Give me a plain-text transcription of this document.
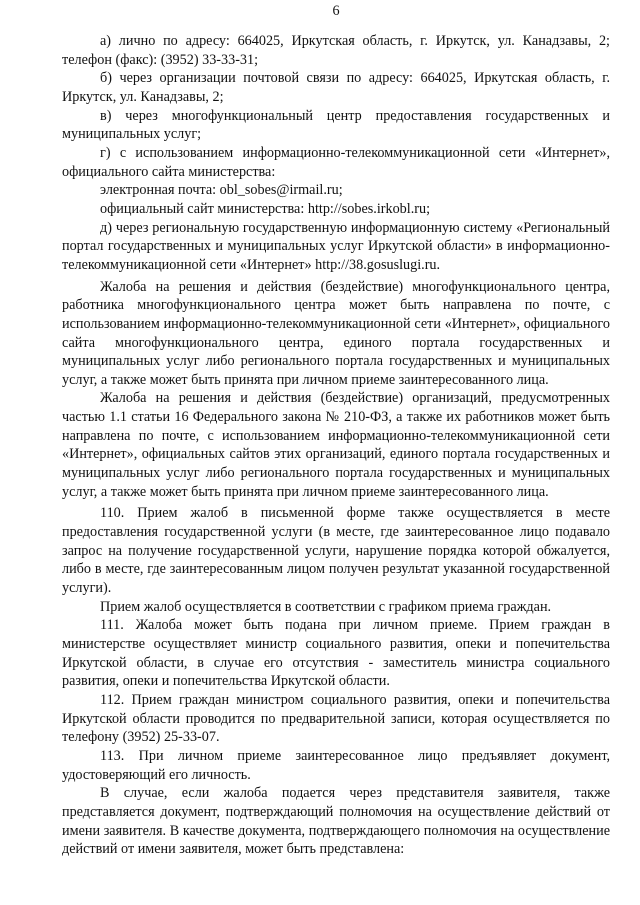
6

а) лично по адресу: 664025, Иркутская область, г. Иркутск, ул. Канадзавы, 2; телефон (факс): (3952) 33-33-31;

б) через организации почтовой связи по адресу: 664025, Иркутская область, г. Иркутск, ул. Канадзавы, 2;

в) через многофункциональный центр предоставления государственных и муниципальных услуг;

г) с использованием информационно-телекоммуникационной сети «Интернет», официального сайта министерства:

электронная почта: obl_sobes@irmail.ru;

официальный сайт министерства: http://sobes.irkobl.ru;

д) через региональную государственную информационную систему «Региональный портал государственных и муниципальных услуг Иркутской области» в информационно-телекоммуникационной сети «Интернет» http://38.gosuslugi.ru.

Жалоба на решения и действия (бездействие) многофункционального центра, работника многофункционального центра может быть направлена по почте, с использованием информационно-телекоммуникационной сети «Интернет», официального сайта многофункционального центра, единого портала государственных и муниципальных услуг либо регионального портала государственных и муниципальных услуг, а также может быть принята при личном приеме заинтересованного лица.

Жалоба на решения и действия (бездействие) организаций, предусмотренных частью 1.1 статьи 16 Федерального закона № 210-ФЗ, а также их работников может быть направлена по почте, с использованием информационно-телекоммуникационной сети «Интернет», официальных сайтов этих организаций, единого портала государственных и муниципальных услуг либо регионального портала государственных и муниципальных услуг, а также может быть принята при личном приеме заинтересованного лица.

110. Прием жалоб в письменной форме также осуществляется в месте предоставления государственной услуги (в месте, где заинтересованное лицо подавало запрос на получение государственной услуги, нарушение порядка которой обжалуется, либо в месте, где заинтересованным лицом получен результат указанной государственной услуги).

Прием жалоб осуществляется в соответствии с графиком приема граждан.

111. Жалоба может быть подана при личном приеме. Прием граждан в министерстве осуществляет министр социального развития, опеки и попечительства Иркутской области, в случае его отсутствия - заместитель министра социального развития, опеки и попечительства Иркутской области.

112. Прием граждан министром социального развития, опеки и попечительства Иркутской области проводится по предварительной записи, которая осуществляется по телефону (3952) 25-33-07.

113. При личном приеме заинтересованное лицо предъявляет документ, удостоверяющий его личность.

В случае, если жалоба подается через представителя заявителя, также представляется документ, подтверждающий полномочия на осуществление действий от имени заявителя. В качестве документа, подтверждающего полномочия на осуществление действий от имени заявителя, может быть представлена:
